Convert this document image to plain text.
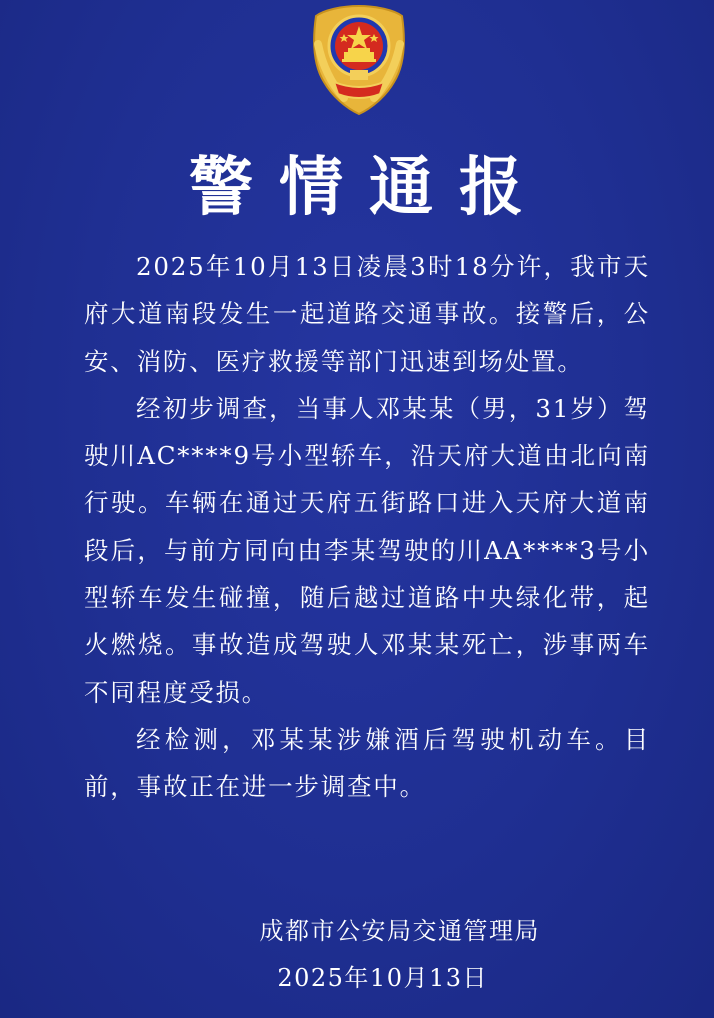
警情通报

2025年10月13日凌晨3时18分许，我市天府大道南段发生一起道路交通事故。接警后，公安、消防、医疗救援等部门迅速到场处置。

经初步调查，当事人邓某某（男，31岁）驾驶川AC****9号小型轿车，沿天府大道由北向南行驶。车辆在通过天府五街路口进入天府大道南段后，与前方同向由李某驾驶的川AA****3号小型轿车发生碰撞，随后越过道路中央绿化带，起火燃烧。事故造成驾驶人邓某某死亡，涉事两车不同程度受损。

经检测，邓某某涉嫌酒后驾驶机动车。目前，事故正在进一步调查中。

成都市公安局交通管理局
2025年10月13日
